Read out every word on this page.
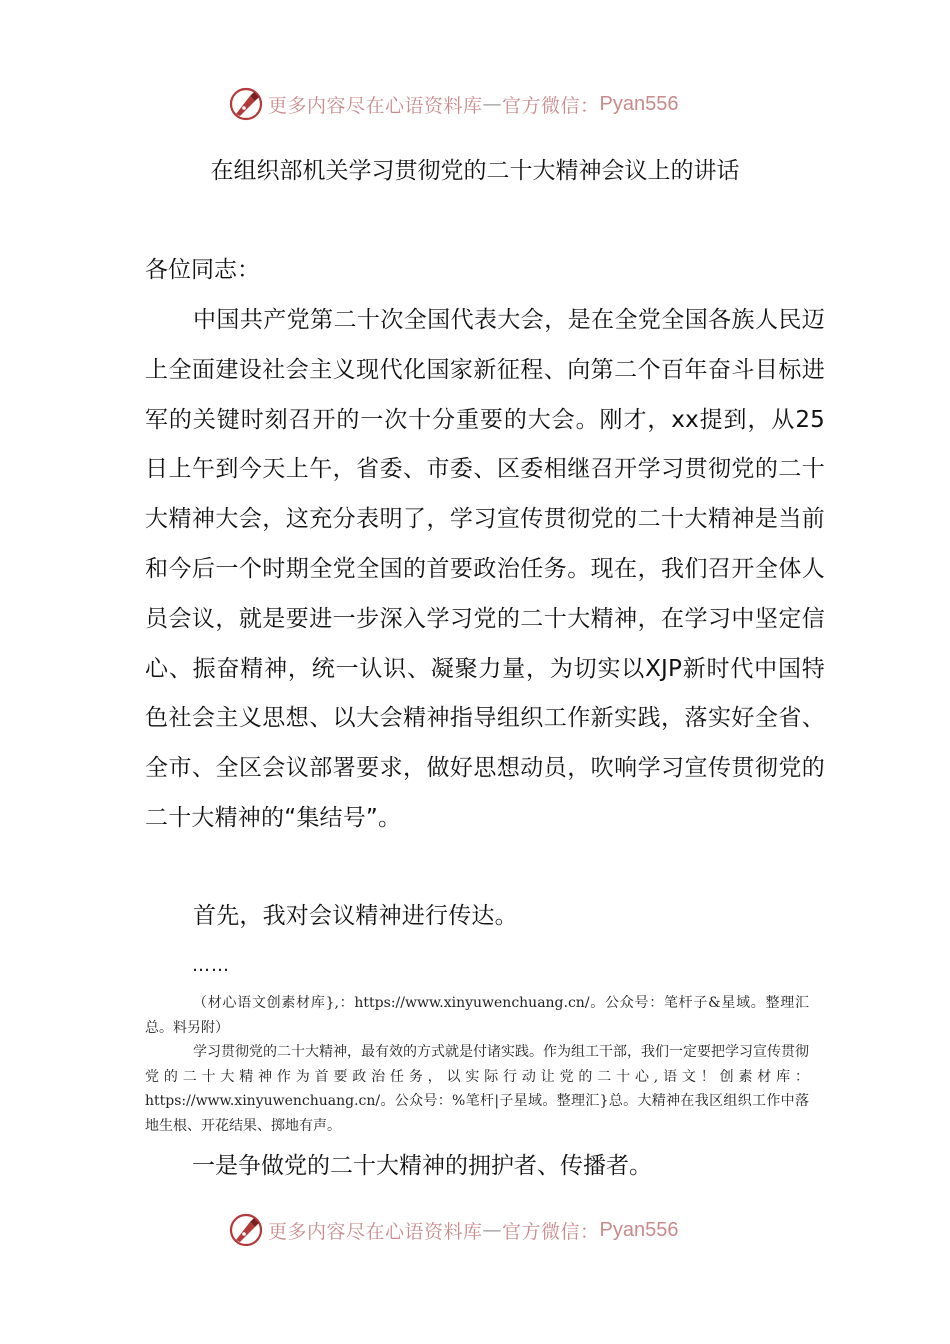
更多内容尽在心语资料库 — 官方微信： Pyan556
在组织部机关学习贯彻党的二十大精神会议上的讲话
各位同志：
中国共产党第二十次全国代表大会，是在全党全国各族人民迈上全面建设社会主义现代化国家新征程、向第二个百年奋斗目标进军的关键时刻召开的一次十分重要的大会。刚才，xx提到，从25日上午到今天上午，省委、市委、区委相继召开学习贯彻党的二十大精神大会，这充分表明了，学习宣传贯彻党的二十大精神是当前和今后一个时期全党全国的首要政治任务。现在，我们召开全体人员会议，就是要进一步深入学习党的二十大精神，在学习中坚定信心、振奋精神，统一认识、凝聚力量，为切实以XJP新时代中国特色社会主义思想、以大会精神指导组织工作新实践，落实好全省、全市、全区会议部署要求，做好思想动员，吹响学习宣传贯彻党的二十大精神的“集结号”。
首先，我对会议精神进行传达。
……
（材心语文创素材库},：https://www.xinyuwenchuang.cn/。公众号：笔杆子&星域。整理汇总。料另附）
学习贯彻党的二十大精神，最有效的方式就是付诸实践。作为组工干部，我们一定要把学习宣传贯彻党的二十大精神作为首要政治任务，以实际行动让党的二十心,语文！创素材库：https://www.xinyuwenchuang.cn/。公众号：%笔杆|子星域。整理汇}总。大精神在我区组织工作中落地生根、开花结果、掷地有声。
一是争做党的二十大精神的拥护者、传播者。
更多内容尽在心语资料库 — 官方微信： Pyan556
